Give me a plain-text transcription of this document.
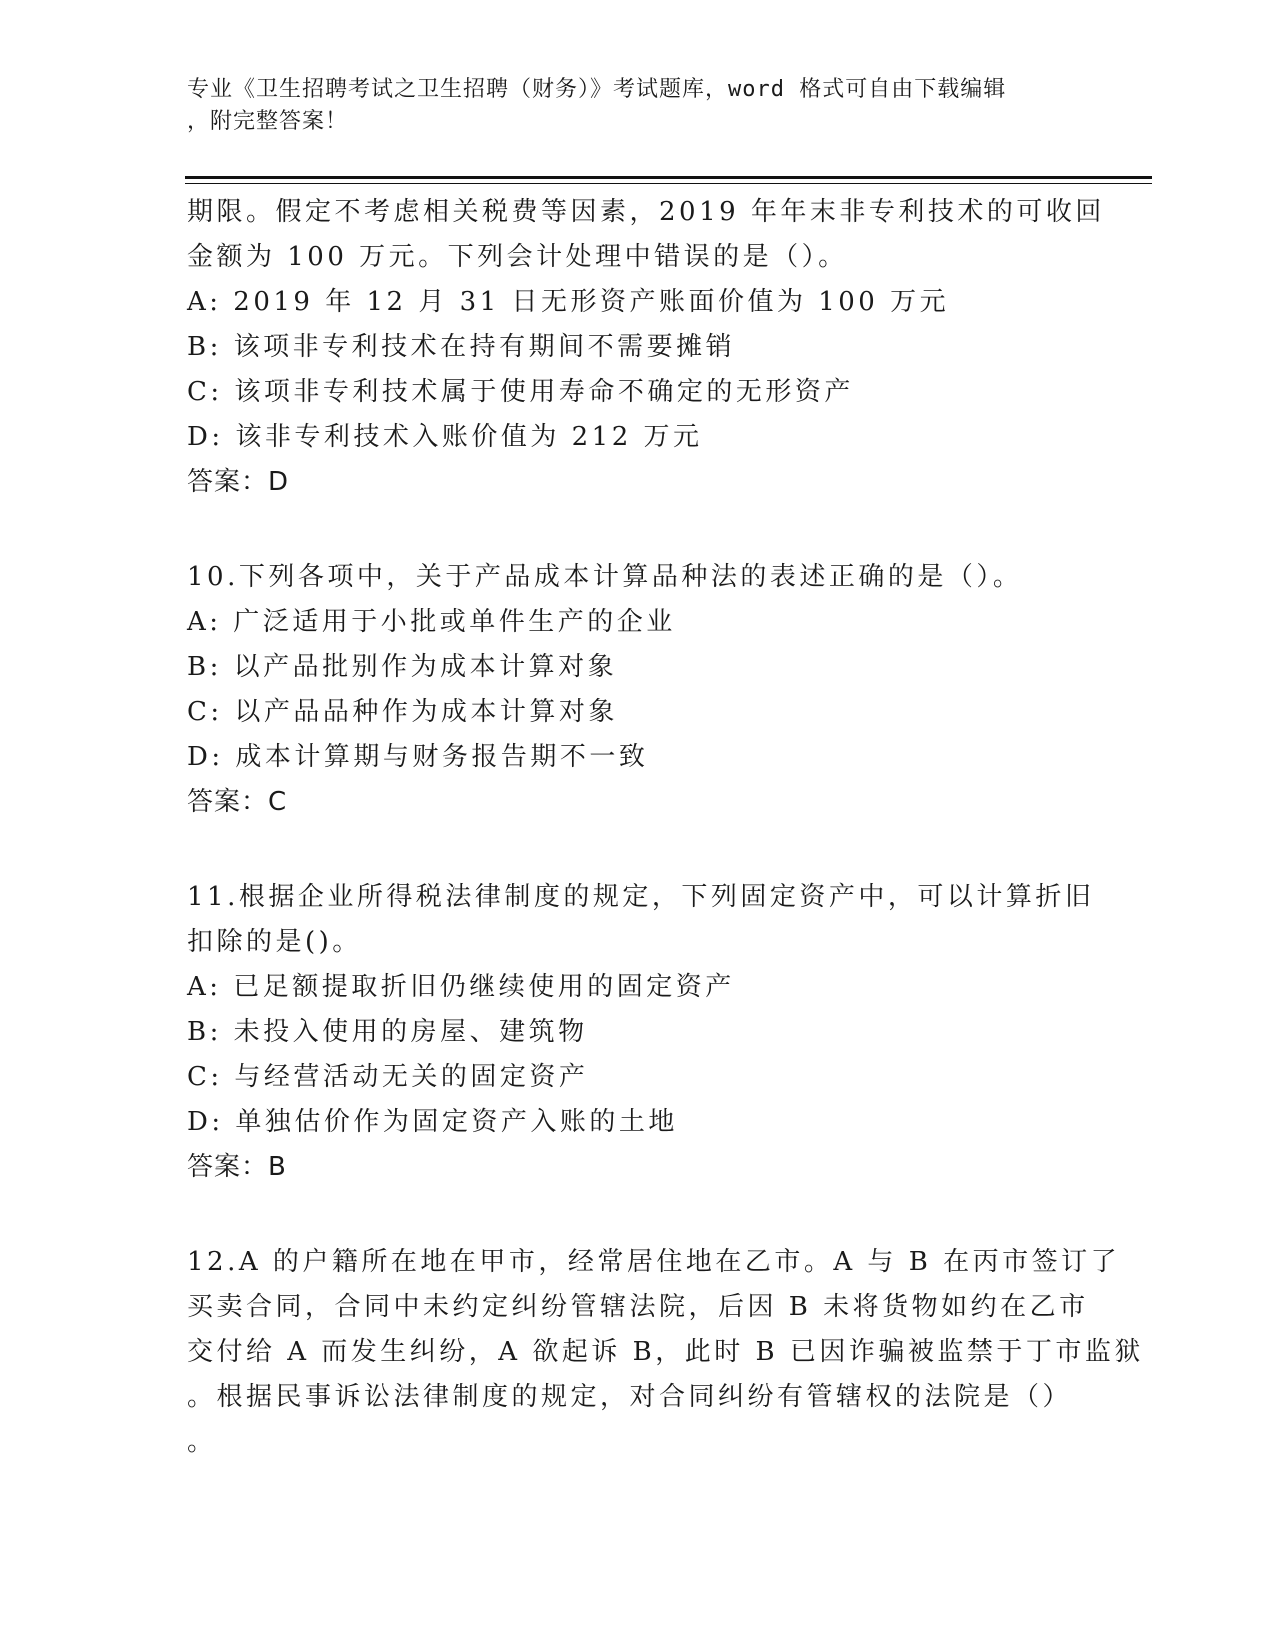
专业《卫生招聘考试之卫生招聘（财务）》考试题库，word 格式可自由下载编辑
，附完整答案！
期限。假定不考虑相关税费等因素，2019 年年末非专利技术的可收回
金额为 100 万元。下列会计处理中错误的是（）。
A: 2019 年 12 月 31 日无形资产账面价值为 100 万元
B: 该项非专利技术在持有期间不需要摊销
C: 该项非专利技术属于使用寿命不确定的无形资产
D: 该非专利技术入账价值为 212 万元
答案：D
10.下列各项中，关于产品成本计算品种法的表述正确的是（）。
A: 广泛适用于小批或单件生产的企业
B: 以产品批别作为成本计算对象
C: 以产品品种作为成本计算对象
D: 成本计算期与财务报告期不一致
答案：C
11.根据企业所得税法律制度的规定，下列固定资产中，可以计算折旧
扣除的是()。
A: 已足额提取折旧仍继续使用的固定资产
B: 未投入使用的房屋、建筑物
C: 与经营活动无关的固定资产
D: 单独估价作为固定资产入账的土地
答案：B
12.A 的户籍所在地在甲市，经常居住地在乙市。A 与 B 在丙市签订了
买卖合同，合同中未约定纠纷管辖法院，后因 B 未将货物如约在乙市
交付给 A 而发生纠纷，A 欲起诉 B，此时 B 已因诈骗被监禁于丁市监狱
。根据民事诉讼法律制度的规定，对合同纠纷有管辖权的法院是（）
。
